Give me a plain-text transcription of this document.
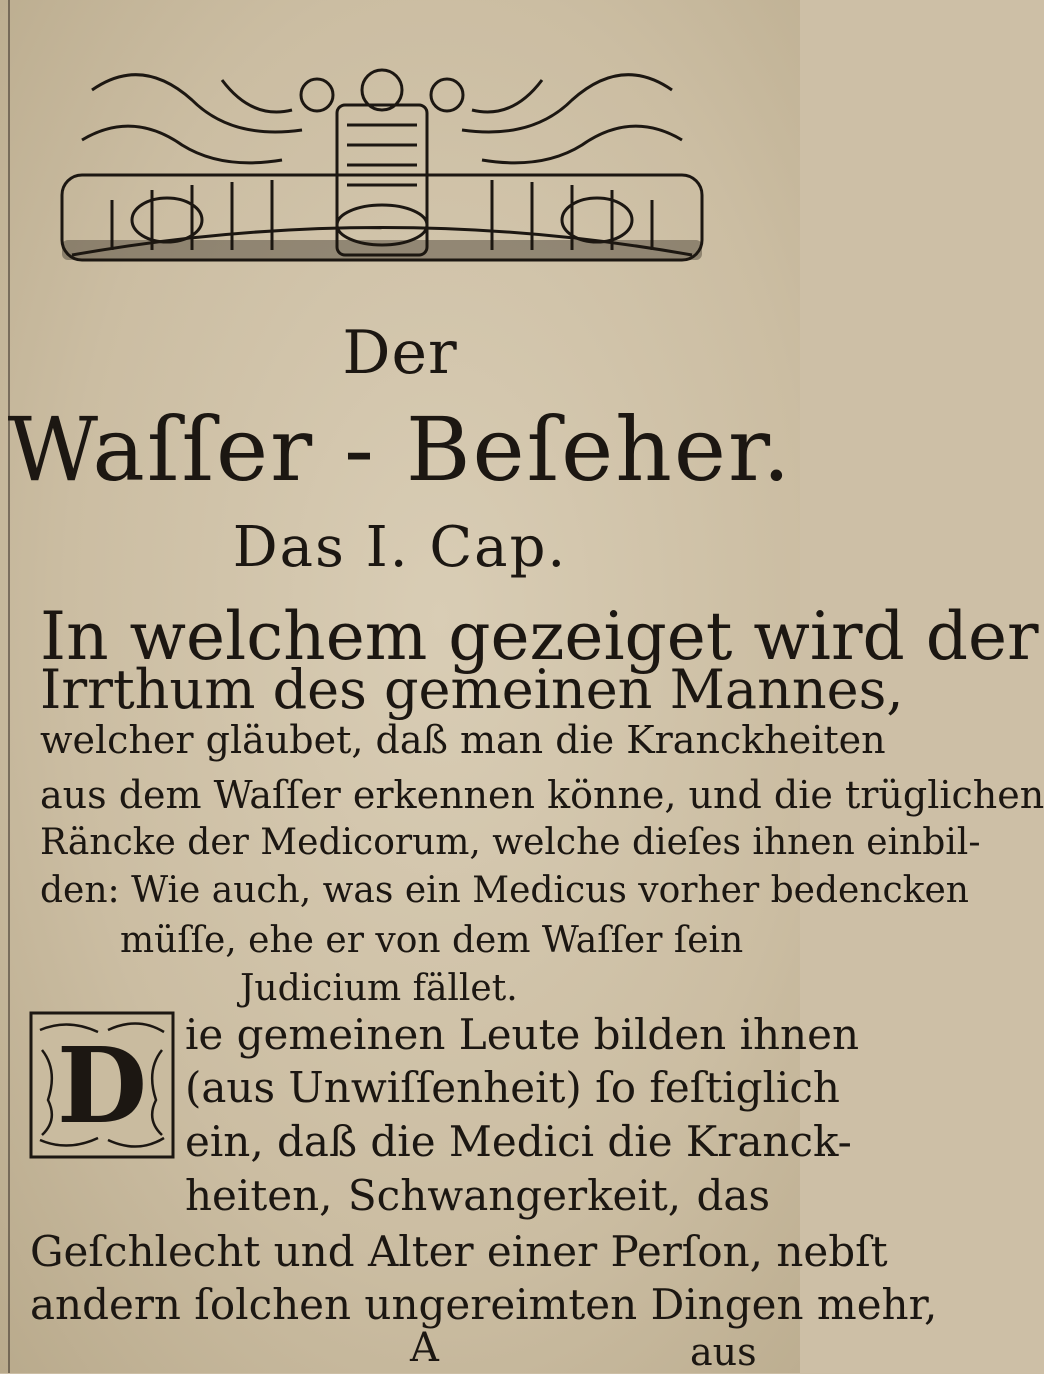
Der
Waſſer - Beſeher.
Das I. Cap.
In welchem gezeiget wird der
Irrthum des gemeinen Mannes,
welcher gläubet, daß man die Kranckheiten
aus dem Waſſer erkennen könne, und die trüglichen
Räncke der Medicorum, welche dieſes ihnen einbil-
den: Wie auch, was ein Medicus vorher bedencken
müſſe, ehe er von dem Waſſer ſein
Judicium fället.
D ie gemeinen Leute bilden ihnen
(aus Unwiſſenheit) ſo feſtiglich
ein, daß die Medici die Kranck-
heiten, Schwangerkeit, das
Geſchlecht und Alter einer Perſon, nebſt
andern ſolchen ungereimten Dingen mehr,
A	aus
